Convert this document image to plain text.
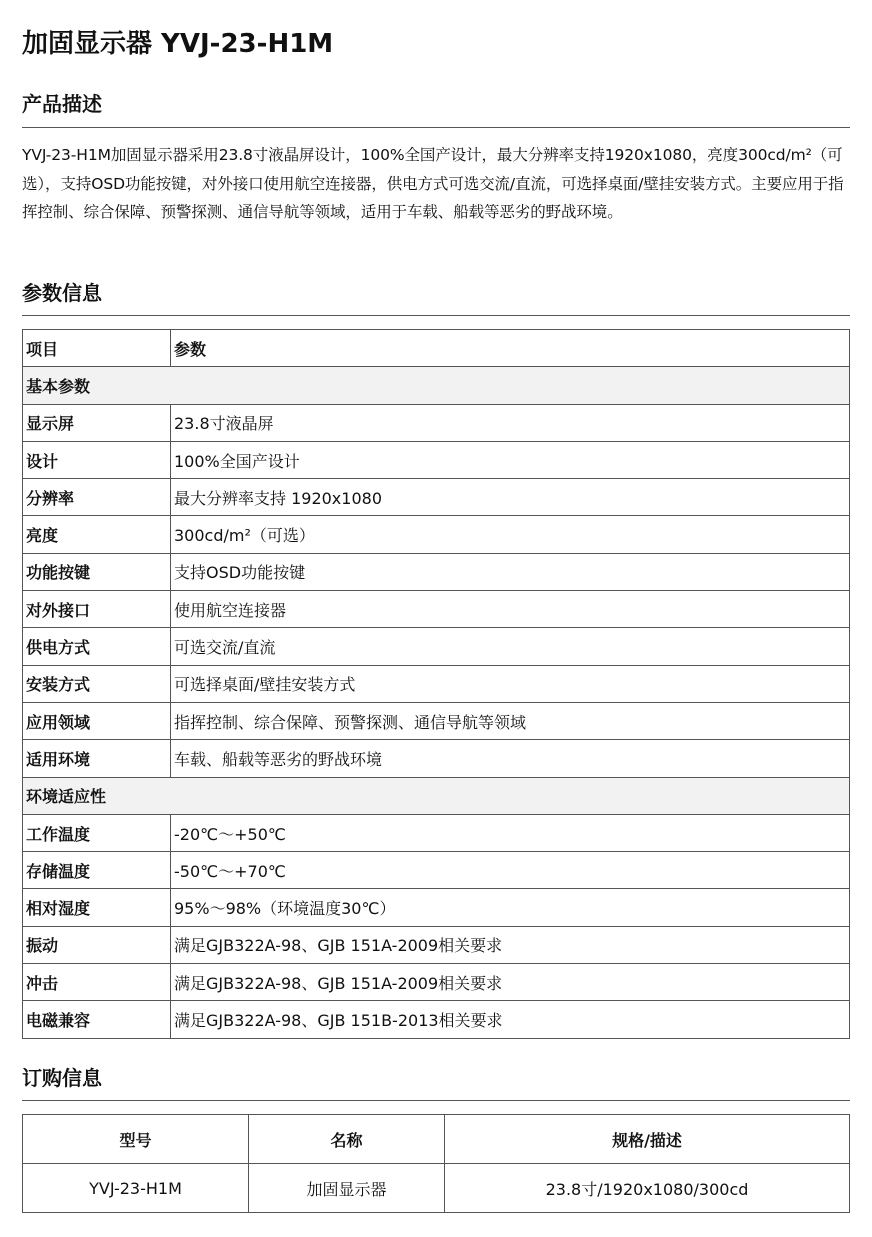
加固显示器 YVJ-23-H1M
产品描述

YVJ-23-H1M加固显示器采用23.8寸液晶屏设计，100%全国产设计，最大分辨率支持1920x1080，亮度300cd/m²（可选），支持OSD功能按键，对外接口使用航空连接器，供电方式可选交流/直流，可选择桌面/壁挂安装方式。主要应用于指挥控制、综合保障、预警探测、通信导航等领域，适用于车载、船载等恶劣的野战环境。

参数信息
项目	参数
基本参数	
显示屏	23.8寸液晶屏
设计	100%全国产设计
分辨率	最大分辨率支持 1920x1080
亮度	300cd/m²（可选）
功能按键	支持OSD功能按键
对外接口	使用航空连接器
供电方式	可选交流/直流
安装方式	可选择桌面/壁挂安装方式
应用领域	指挥控制、综合保障、预警探测、通信导航等领域
适用环境	车载、船载等恶劣的野战环境
环境适应性	
工作温度	-20℃～+50℃
存储温度	-50℃～+70℃
相对湿度	95%～98%（环境温度30℃）
振动	满足GJB322A-98、GJB 151A-2009相关要求
冲击	满足GJB322A-98、GJB 151A-2009相关要求
电磁兼容	满足GJB322A-98、GJB 151B-2013相关要求
订购信息
型号	名称	规格/描述
YVJ-23-H1M	加固显示器	23.8寸/1920x1080/300cd
